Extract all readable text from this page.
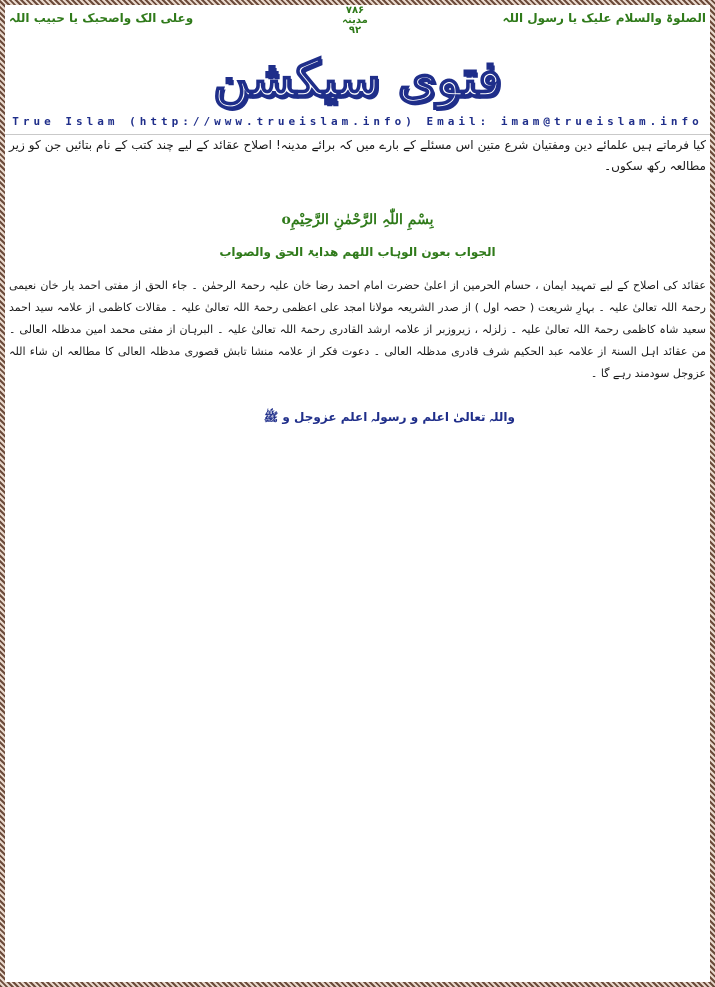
الصلوۃ والسلام علیک یا رسول اللہ
وعلی الک واصحبک یا حبیب اللہ
۷۸۶
مدینہ
۹۲
فتوی سیکشن
True Islam (http://www.trueislam.info) Email: imam@trueislam.info
کیا فرماتے ہیں علمائے دین ومفتیان شرع متین اس مسئلے کے بارے میں کہ برائے مدینہ! اصلاح عقائد کے لیے چند کتب کے نام بتائیں جن کو زیر مطالعہ رکھ سکوں۔
بِسْمِ اللّٰہِ الرَّحْمٰنِ الرَّحِیْمِo
الجواب بعون الوہاب اللھم ھدایۃ الحق والصواب
عقائد کی اصلاح کے لیے تمہید ایمان ، حسام الحرمین از اعلیٰ حضرت امام احمد رضا خان علیہ رحمۃ الرحمٰن ۔ جاء الحق از مفتی احمد یار خان نعیمی رحمۃ اللہ تعالیٰ علیہ ۔ بہارِ شریعت ( حصہ اول ) از صدر الشریعہ مولانا امجد علی اعظمی رحمۃ اللہ تعالیٰ علیہ ۔ مقالات کاظمی از علامہ سید احمد سعید شاہ کاظمی رحمۃ اللہ تعالیٰ علیہ ۔ زلزلہ ، زیروزبر از علامہ ارشد القادری رحمۃ اللہ تعالیٰ علیہ ۔ البرہان از مفتی محمد امین مدظلہ العالی ۔ من عقائد اہل السنۃ از علامہ عبد الحکیم شرف قادری مدظلہ العالی ۔ دعوت فکر از علامہ منشا تابش قصوری مدظلہ العالی کا مطالعہ ان شاء اللہ عزوجل سودمند رہے گا ۔
واللہ تعالیٰ اعلم و رسولہ اعلم عزوجل و ﷺ
